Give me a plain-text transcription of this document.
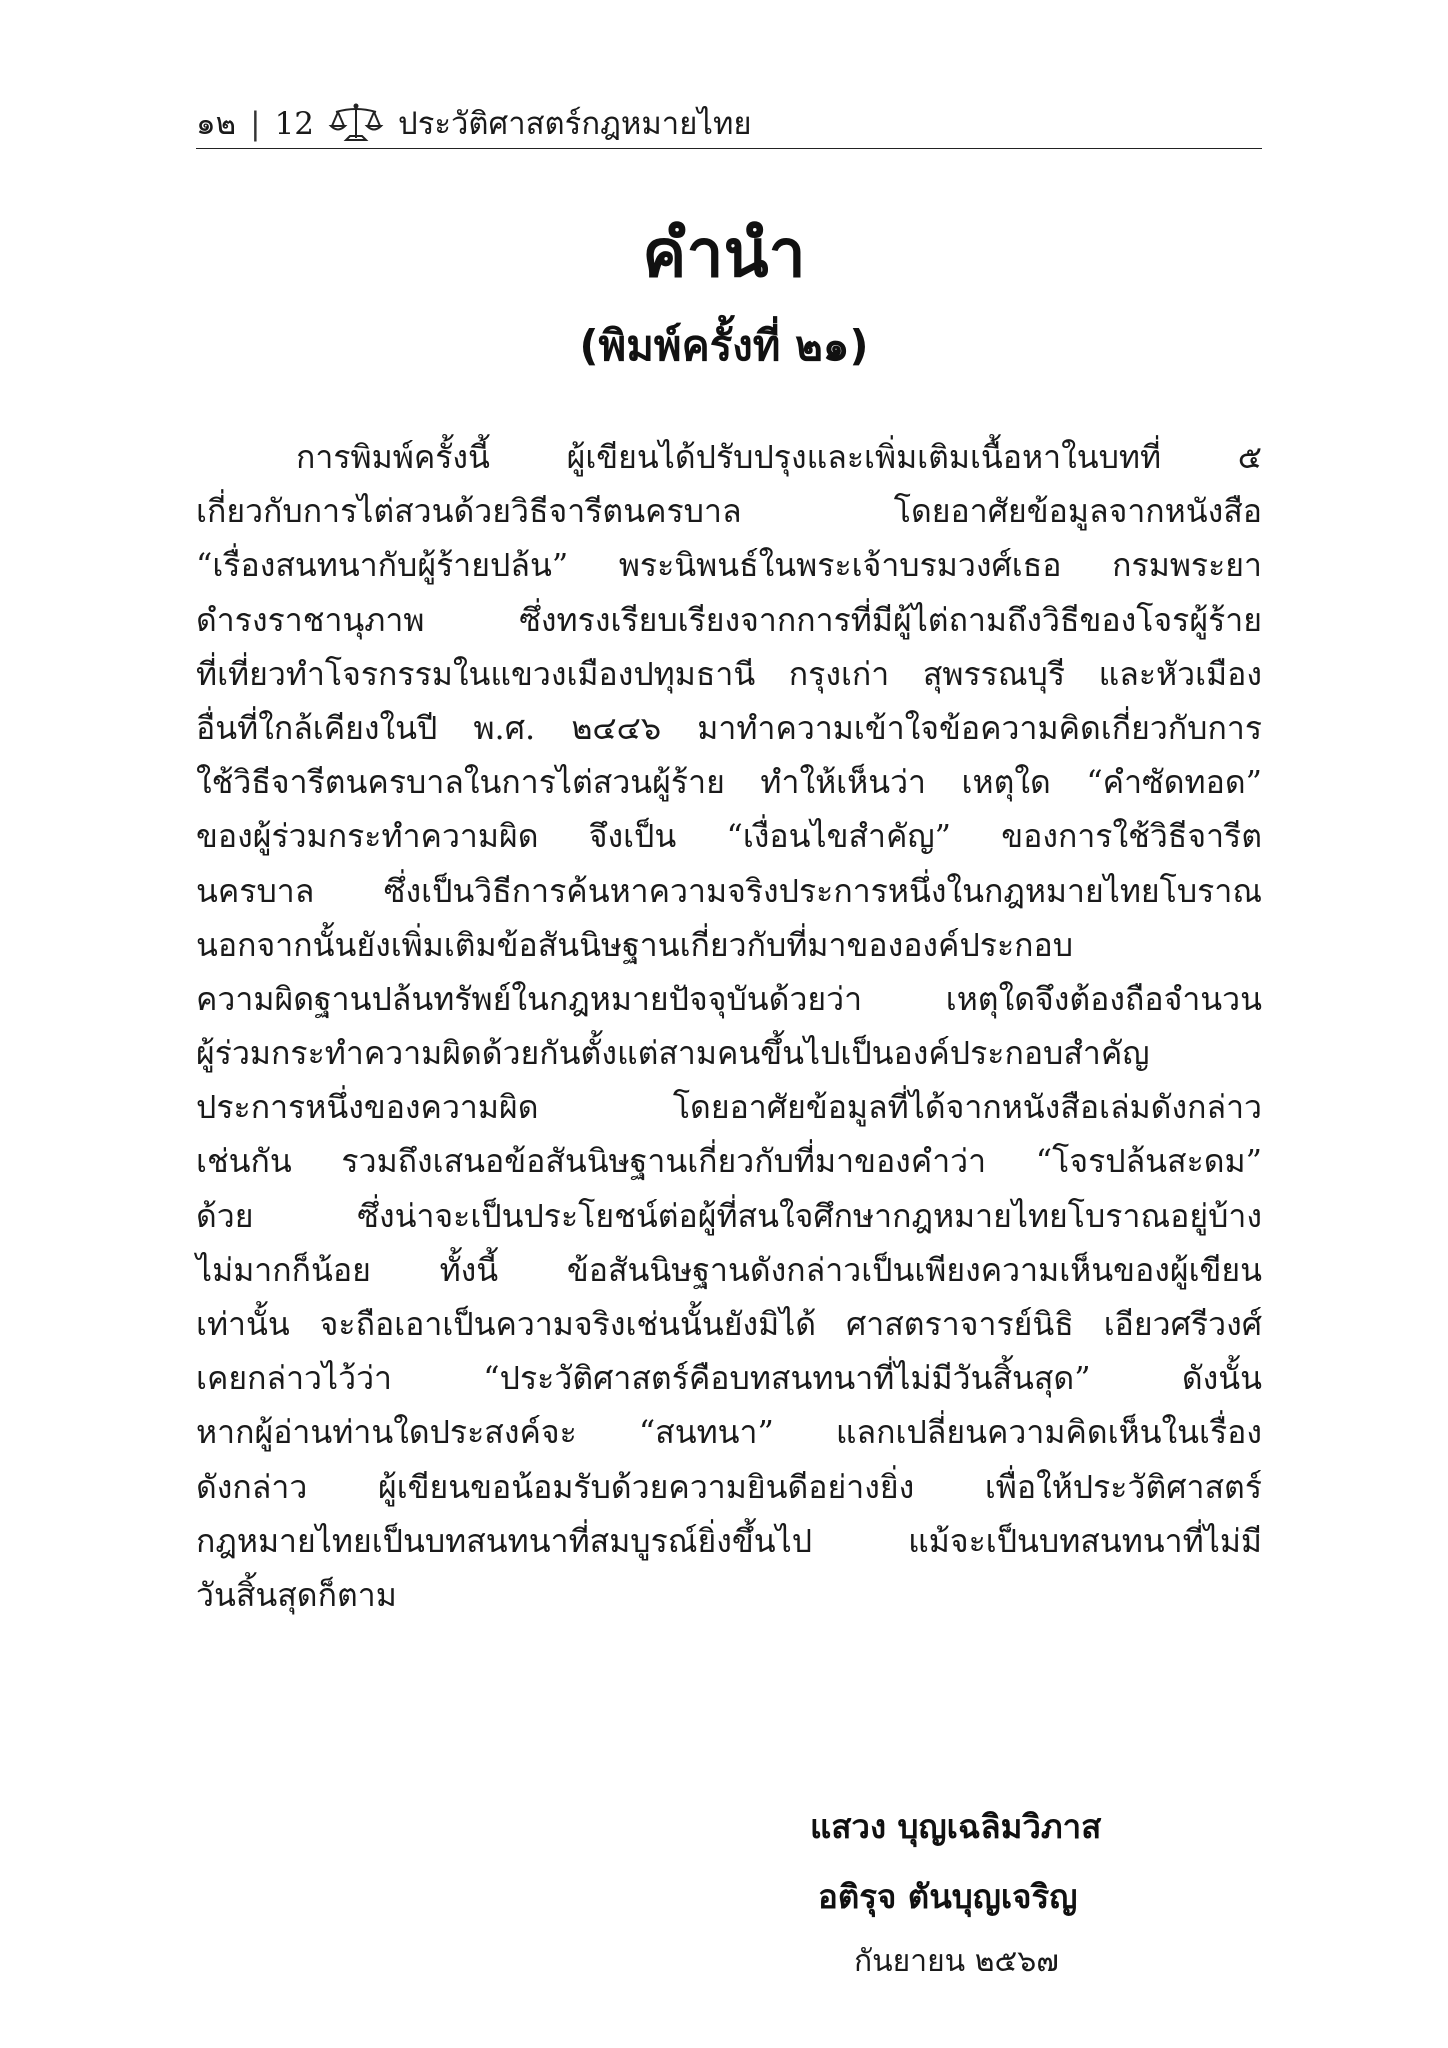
๑๒ | 12	ประวัติศาสตร์กฎหมายไทย
คำนำ
(พิมพ์ครั้งที่ ๒๑)
การพิมพ์ครั้งนี้ ผู้เขียนได้ปรับปรุงและเพิ่มเติมเนื้อหาในบทที่ ๕
เกี่ยวกับการไต่สวนด้วยวิธีจารีตนครบาล โดยอาศัยข้อมูลจากหนังสือ
“เรื่องสนทนากับผู้ร้ายปล้น” พระนิพนธ์ในพระเจ้าบรมวงศ์เธอ กรมพระยา
ดำรงราชานุภาพ ซึ่งทรงเรียบเรียงจากการที่มีผู้ไต่ถามถึงวิธีของโจรผู้ร้าย
ที่เที่ยวทำโจรกรรมในแขวงเมืองปทุมธานี กรุงเก่า สุพรรณบุรี และหัวเมือง
อื่นที่ใกล้เคียงในปี พ.ศ. ๒๔๔๖ มาทำความเข้าใจข้อความคิดเกี่ยวกับการ
ใช้วิธีจารีตนครบาลในการไต่สวนผู้ร้าย ทำให้เห็นว่า เหตุใด “คำซัดทอด”
ของผู้ร่วมกระทำความผิด จึงเป็น “เงื่อนไขสำคัญ” ของการใช้วิธีจารีต
นครบาล ซึ่งเป็นวิธีการค้นหาความจริงประการหนึ่งในกฎหมายไทยโบราณ
นอกจากนั้นยังเพิ่มเติมข้อสันนิษฐานเกี่ยวกับที่มาขององค์ประกอบ
ความผิดฐานปล้นทรัพย์ในกฎหมายปัจจุบันด้วยว่า เหตุใดจึงต้องถือจำนวน
ผู้ร่วมกระทำความผิดด้วยกันตั้งแต่สามคนขึ้นไปเป็นองค์ประกอบสำคัญ
ประการหนึ่งของความผิด โดยอาศัยข้อมูลที่ได้จากหนังสือเล่มดังกล่าว
เช่นกัน รวมถึงเสนอข้อสันนิษฐานเกี่ยวกับที่มาของคำว่า “โจรปล้นสะดม”
ด้วย ซึ่งน่าจะเป็นประโยชน์ต่อผู้ที่สนใจศึกษากฎหมายไทยโบราณอยู่บ้าง
ไม่มากก็น้อย ทั้งนี้ ข้อสันนิษฐานดังกล่าวเป็นเพียงความเห็นของผู้เขียน
เท่านั้น จะถือเอาเป็นความจริงเช่นนั้นยังมิได้ ศาสตราจารย์นิธิ เอียวศรีวงศ์
เคยกล่าวไว้ว่า “ประวัติศาสตร์คือบทสนทนาที่ไม่มีวันสิ้นสุด” ดังนั้น
หากผู้อ่านท่านใดประสงค์จะ “สนทนา” แลกเปลี่ยนความคิดเห็นในเรื่อง
ดังกล่าว ผู้เขียนขอน้อมรับด้วยความยินดีอย่างยิ่ง เพื่อให้ประวัติศาสตร์
กฎหมายไทยเป็นบทสนทนาที่สมบูรณ์ยิ่งขึ้นไป แม้จะเป็นบทสนทนาที่ไม่มี
วันสิ้นสุดก็ตาม
แสวง บุญเฉลิมวิภาส
อติรุจ ตันบุญเจริญ
กันยายน ๒๕๖๗
